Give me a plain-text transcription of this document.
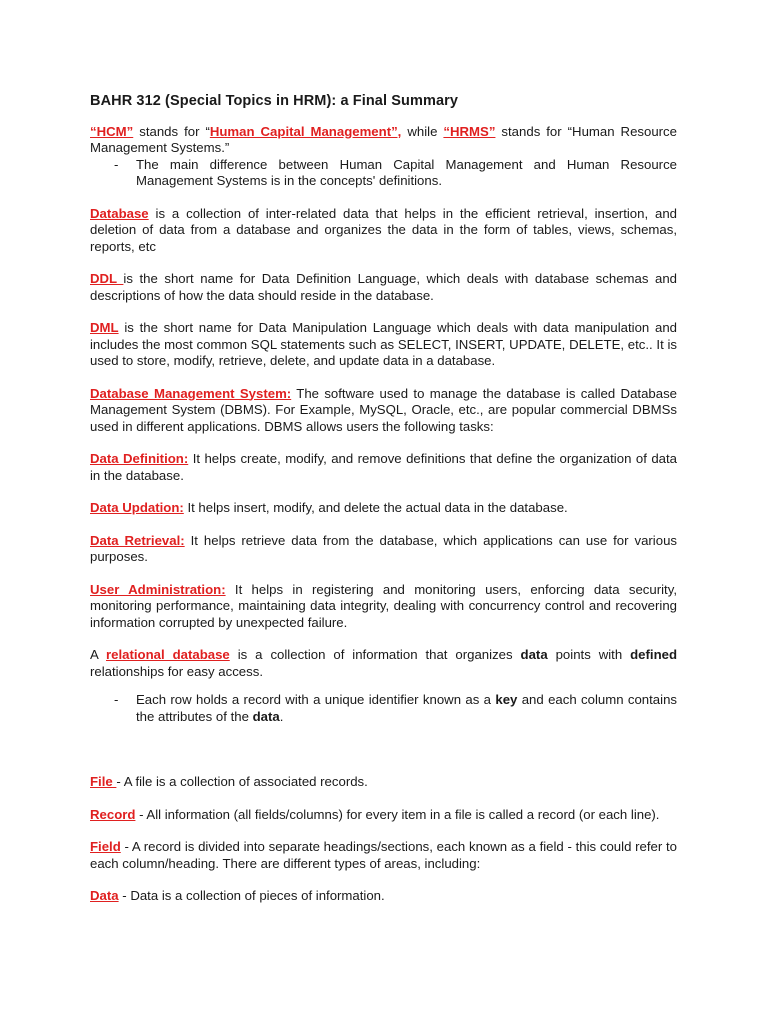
BAHR 312 (Special Topics in HRM): a Final Summary

“HCM” stands for “Human Capital Management”, while “HRMS” stands for “Human Resource Management Systems.”

-	The main difference between Human Capital Management and Human Resource Management Systems is in the concepts' definitions.

Database is a collection of inter-related data that helps in the efficient retrieval, insertion, and deletion of data from a database and organizes the data in the form of tables, views, schemas, reports, etc

DDL is the short name for Data Definition Language, which deals with database schemas and descriptions of how the data should reside in the database.

DML is the short name for Data Manipulation Language which deals with data manipulation and includes the most common SQL statements such as SELECT, INSERT, UPDATE, DELETE, etc.. It is used to store, modify, retrieve, delete, and update data in a database.

Database Management System: The software used to manage the database is called Database Management System (DBMS). For Example, MySQL, Oracle, etc., are popular commercial DBMSs used in different applications. DBMS allows users the following tasks:

Data Definition: It helps create, modify, and remove definitions that define the organization of data in the database.

Data Updation: It helps insert, modify, and delete the actual data in the database.

Data Retrieval: It helps retrieve data from the database, which applications can use for various purposes.

User Administration: It helps in registering and monitoring users, enforcing data security, monitoring performance, maintaining data integrity, dealing with concurrency control and recovering information corrupted by unexpected failure.

A relational database is a collection of information that organizes data points with defined relationships for easy access.

-	Each row holds a record with a unique identifier known as a key and each column contains the attributes of the data.

File - A file is a collection of associated records.

Record - All information (all fields/columns) for every item in a file is called a record (or each line).

Field - A record is divided into separate headings/sections, each known as a field - this could refer to each column/heading. There are different types of areas, including:

Data - Data is a collection of pieces of information.
